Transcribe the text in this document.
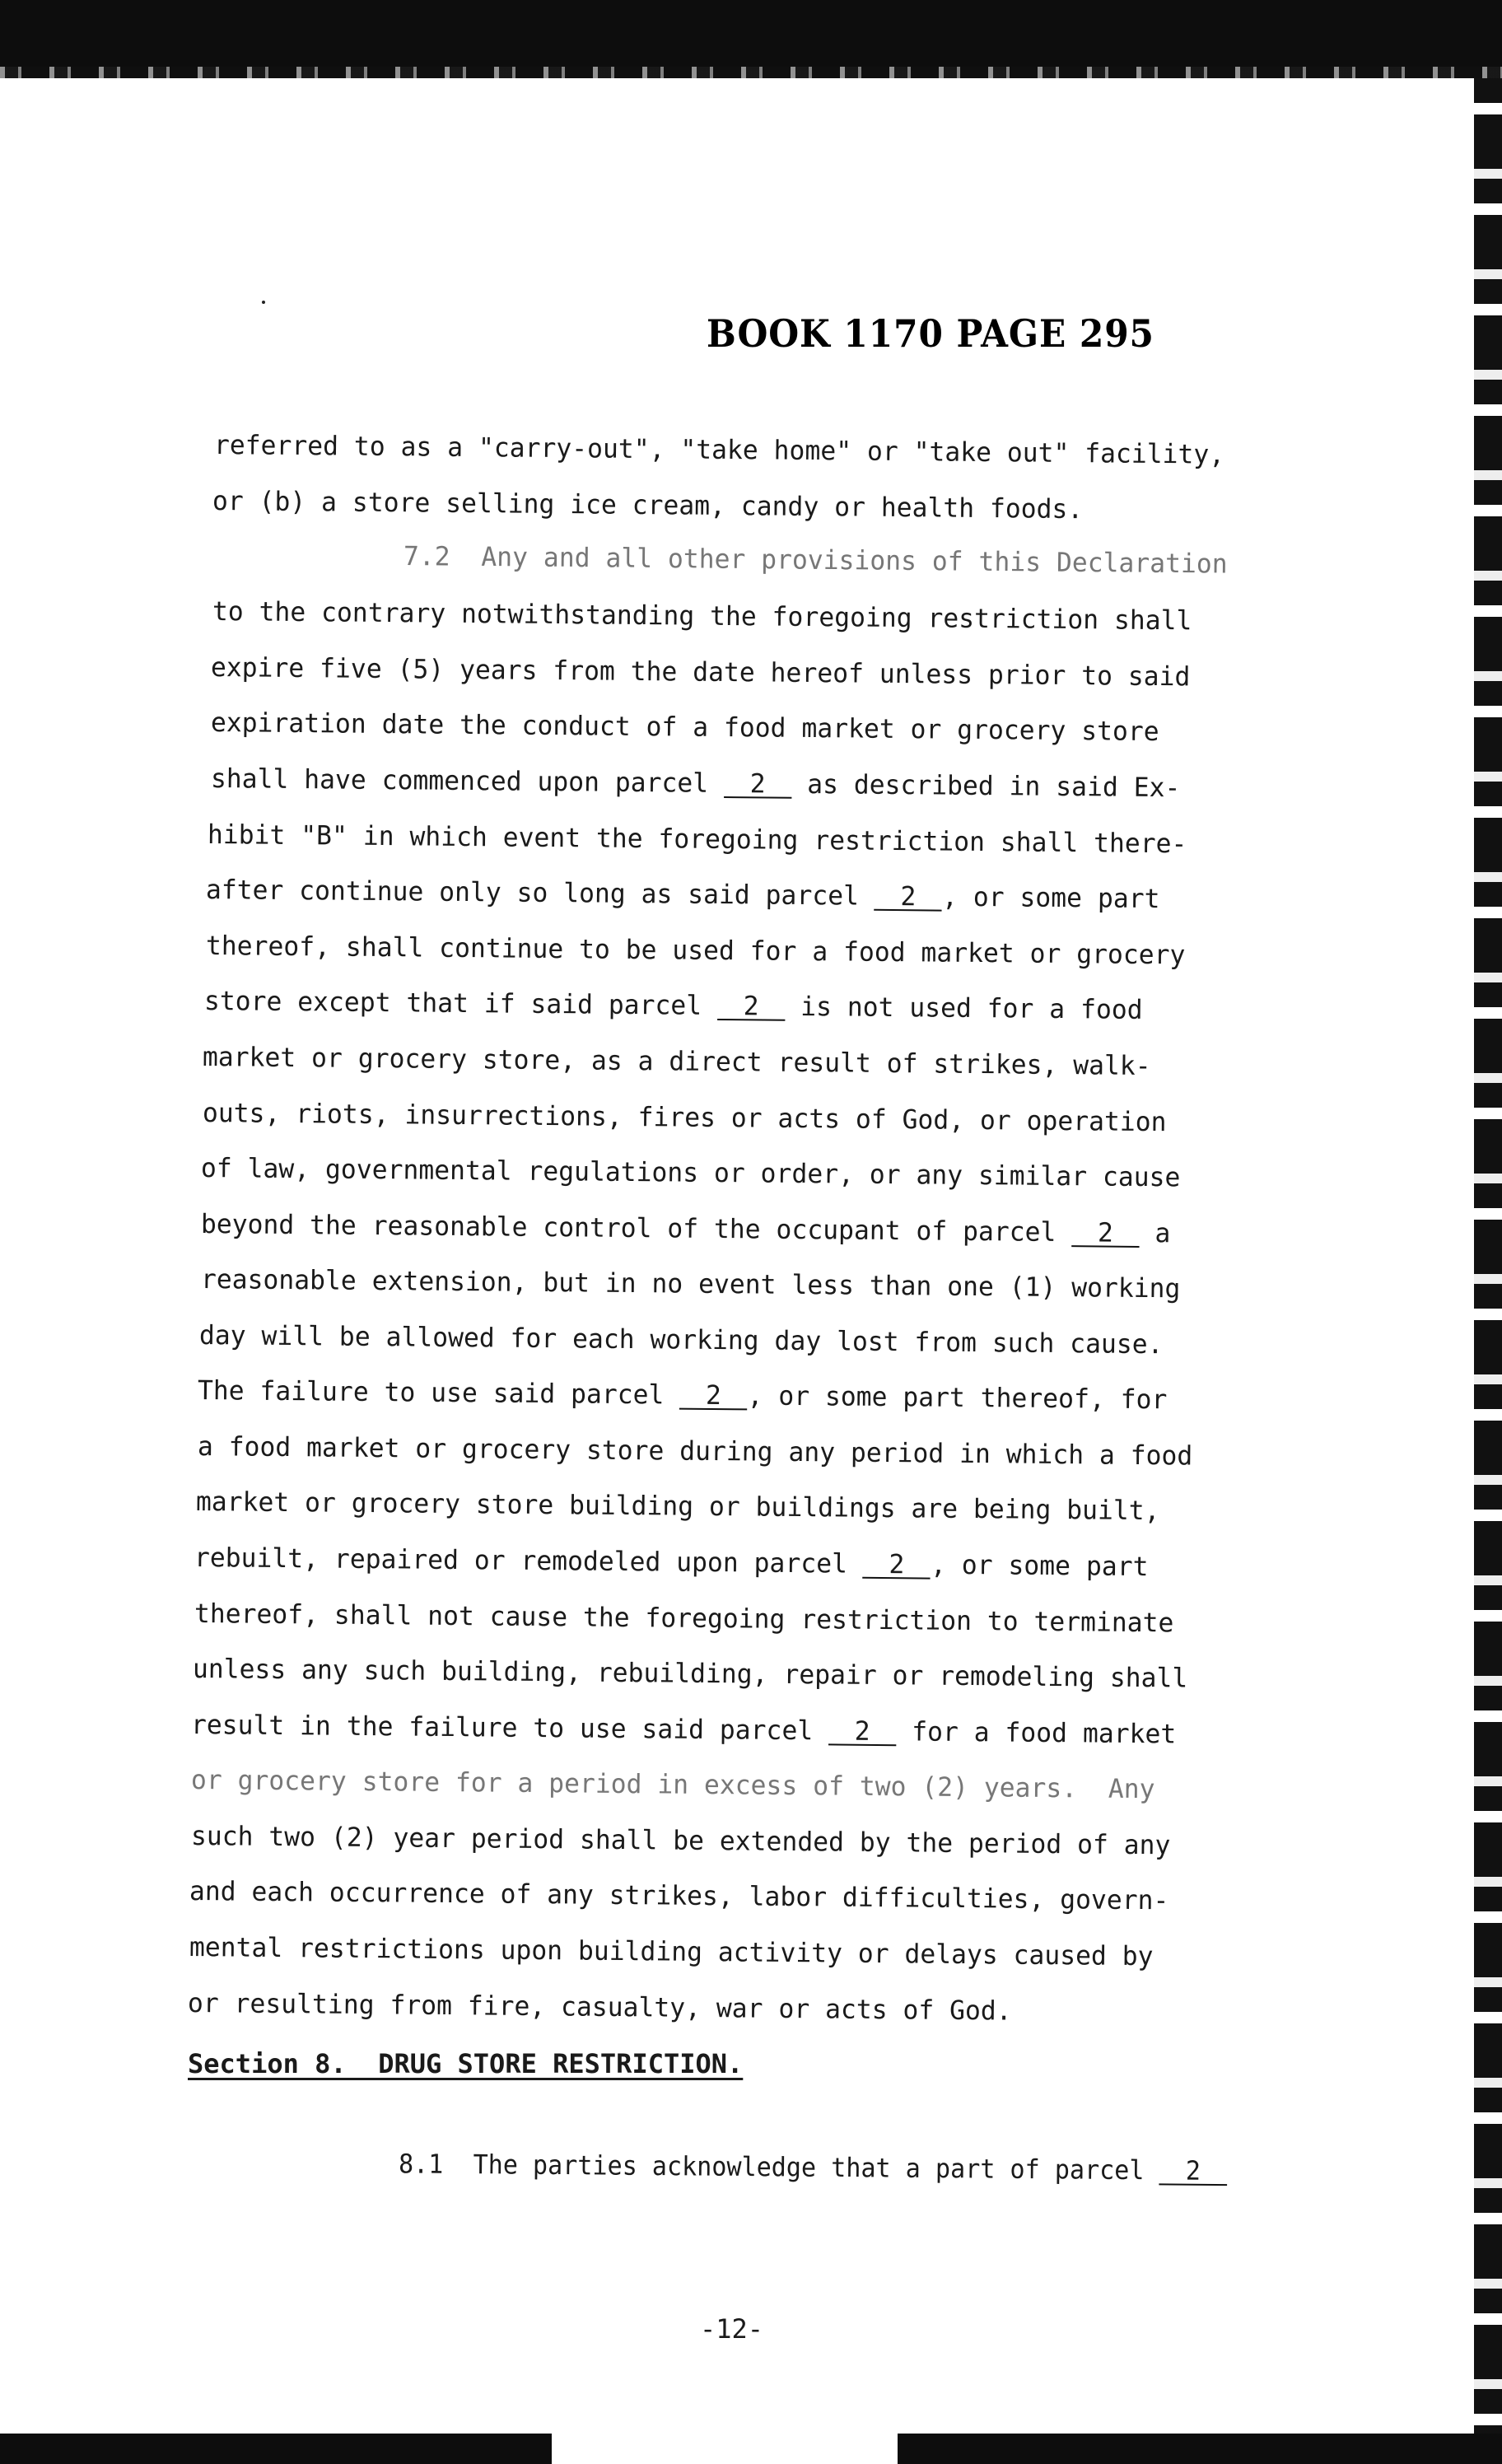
BOOK 1170 PAGE 295
referred to as a "carry-out", "take home" or "take out" facility,
or (b) a store selling ice cream, candy or health foods.
7.2  Any and all other provisions of this Declaration
to the contrary notwithstanding the foregoing restriction shall
expire five (5) years from the date hereof unless prior to said
expiration date the conduct of a food market or grocery store
shall have commenced upon parcel 2 as described in said Ex-
hibit "B" in which event the foregoing restriction shall there-
after continue only so long as said parcel 2 , or some part
thereof, shall continue to be used for a food market or grocery
store except that if said parcel 2 is not used for a food
market or grocery store, as a direct result of strikes, walk-
outs, riots, insurrections, fires or acts of God, or operation
of law, governmental regulations or order, or any similar cause
beyond the reasonable control of the occupant of parcel 2 a
reasonable extension, but in no event less than one (1) working
day will be allowed for each working day lost from such cause.
The failure to use said parcel 2 , or some part thereof, for
a food market or grocery store during any period in which a food
market or grocery store building or buildings are being built,
rebuilt, repaired or remodeled upon parcel 2 , or some part
thereof, shall not cause the foregoing restriction to terminate
unless any such building, rebuilding, repair or remodeling shall
result in the failure to use said parcel 2 for a food market
or grocery store for a period in excess of two (2) years.  Any
such two (2) year period shall be extended by the period of any
and each occurrence of any strikes, labor difficulties, govern-
mental restrictions upon building activity or delays caused by
or resulting from fire, casualty, war or acts of God.
Section 8.  DRUG STORE RESTRICTION.

8.1  The parties acknowledge that a part of parcel 2

-12-
